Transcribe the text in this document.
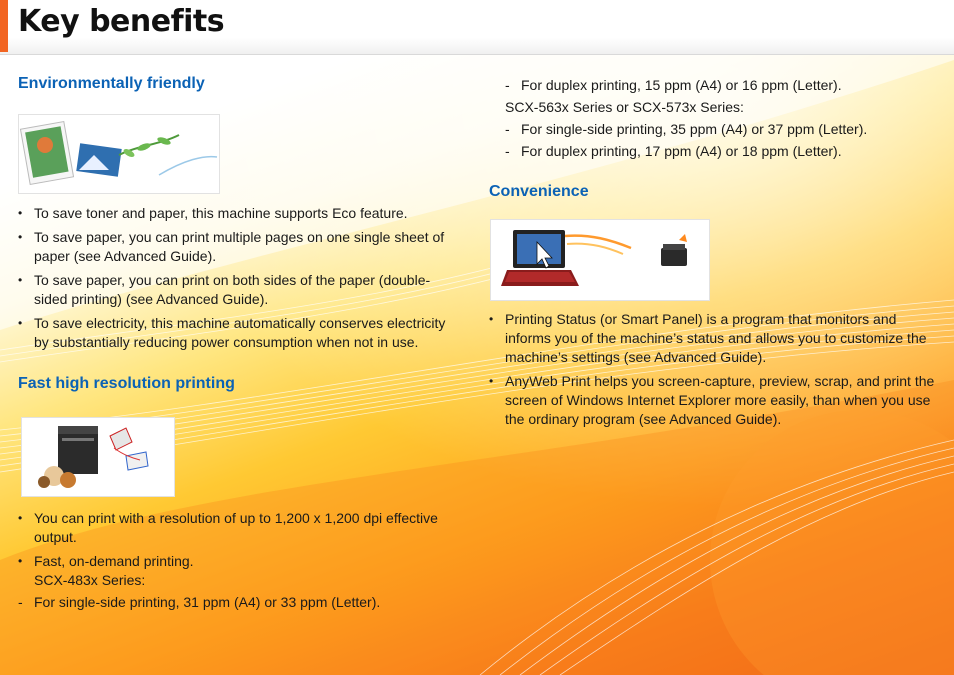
Key benefits
Environmentally friendly
• To save toner and paper, this machine supports Eco feature.
• To save paper, you can print multiple pages on one single sheet of paper (see Advanced Guide).
• To save paper, you can print on both sides of the paper (double-sided printing) (see Advanced Guide).
• To save electricity, this machine automatically conserves electricity by substantially reducing power consumption when not in use.
Fast high resolution printing
• You can print with a resolution of up to 1,200 x 1,200 dpi effective output.
• Fast, on-demand printing.
SCX-483x Series:
- For single-side printing, 31 ppm (A4) or 33 ppm (Letter).
- For duplex printing, 15 ppm (A4) or 16 ppm (Letter).
SCX-563x Series or SCX-573x Series:
- For single-side printing, 35 ppm (A4) or 37 ppm (Letter).
- For duplex printing, 17 ppm (A4) or 18 ppm (Letter).
Convenience
• Printing Status (or Smart Panel) is a program that monitors and informs you of the machine’s status and allows you to customize the machine’s settings (see Advanced Guide).
• AnyWeb Print helps you screen-capture, preview, scrap, and print the screen of Windows Internet Explorer more easily, than when you use the ordinary program (see Advanced Guide).
